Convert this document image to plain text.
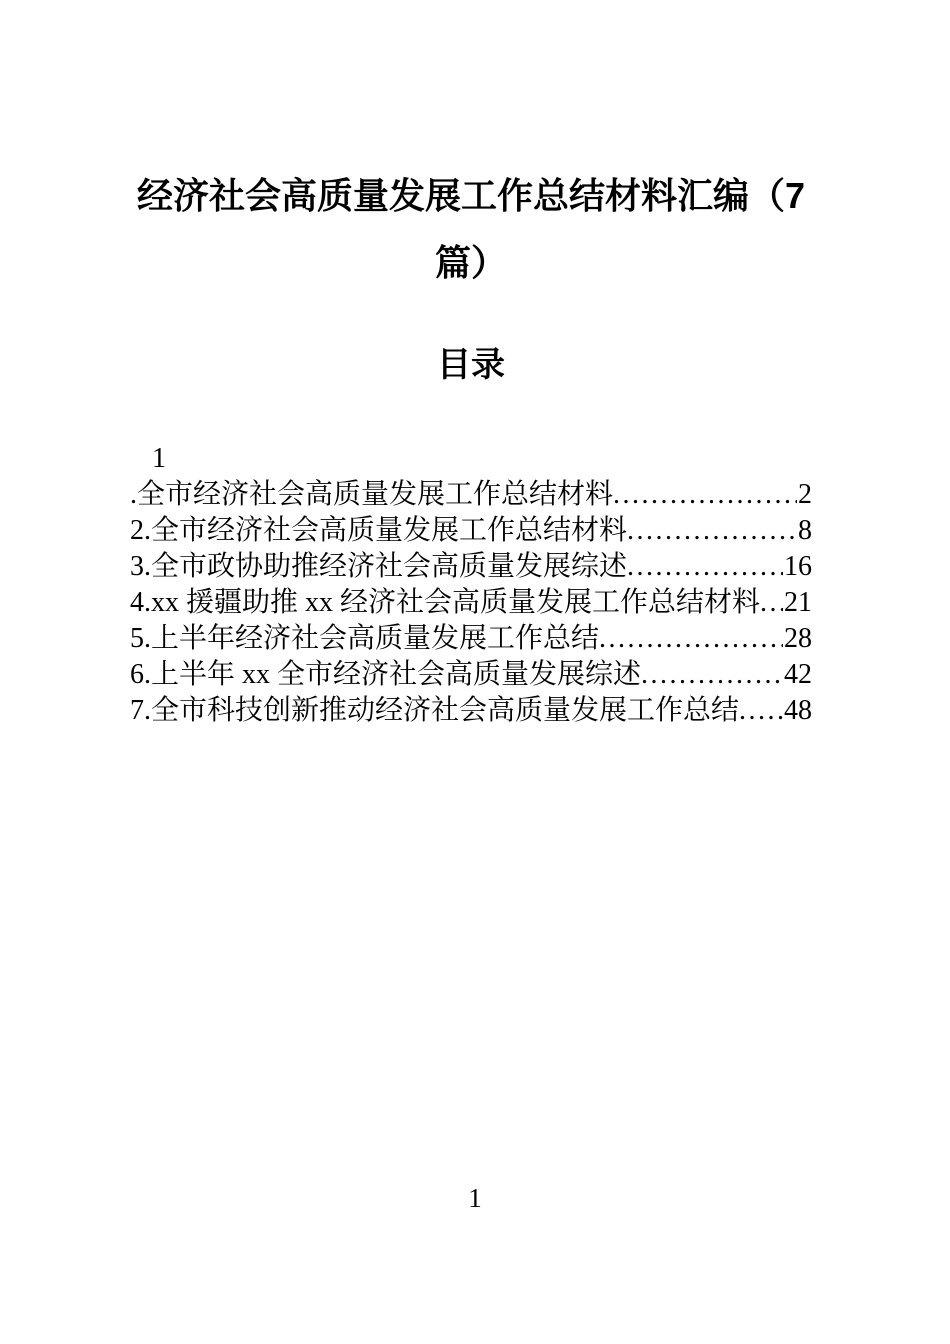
经济社会高质量发展工作总结材料汇编（7篇）
目录
1
.全市经济社会高质量发展工作总结材料 .....	2
2.全市经济社会高质量发展工作总结材料 .....	8
3.全市政协助推经济社会高质量发展综述 .....	16
4.xx 援疆助推 xx 经济社会高质量发展工作总结材料 ..... 21
5.上半年经济社会高质量发展工作总结 .....	28
6.上半年 xx 全市经济社会高质量发展综述 .....	42
7.全市科技创新推动经济社会高质量发展工作总结 ..... 48
1
